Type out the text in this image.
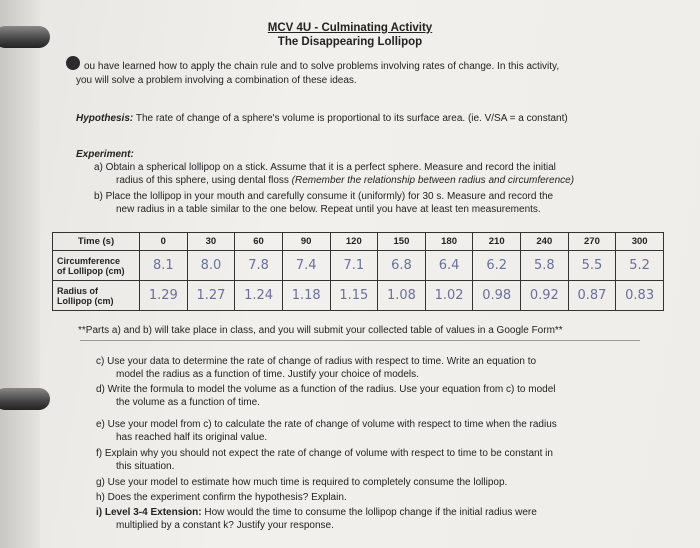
MCV 4U - Culminating Activity
The Disappearing Lollipop
ou have learned how to apply the chain rule and to solve problems involving rates of change. In this activity,
you will solve a problem involving a combination of these ideas.
Hypothesis: The rate of change of a sphere's volume is proportional to its surface area. (ie. V/SA = a constant)
Experiment:
a) Obtain a spherical lollipop on a stick. Assume that it is a perfect sphere. Measure and record the initial
radius of this sphere, using dental floss (Remember the relationship between radius and circumference)
b) Place the lollipop in your mouth and carefully consume it (uniformly) for 30 s. Measure and record the
new radius in a table similar to the one below. Repeat until you have at least ten measurements.
Time (s)	0	30	60	90	120	150	180	210	240	270	300

Circumference
of Lollipop (cm)	8.1	8.0	7.8	7.4	7.1	6.8	6.4	6.2	5.8	5.5	5.2

Radius of
Lollipop (cm)	1.29	1.27	1.24	1.18	1.15	1.08	1.02	0.98	0.92	0.87	0.83
**Parts a) and b) will take place in class, and you will submit your collected table of values in a Google Form**
c) Use your data to determine the rate of change of radius with respect to time. Write an equation to
model the radius as a function of time. Justify your choice of models.
d) Write the formula to model the volume as a function of the radius. Use your equation from c) to model
the volume as a function of time.
e) Use your model from c) to calculate the rate of change of volume with respect to time when the radius
has reached half its original value.
f) Explain why you should not expect the rate of change of volume with respect to time to be constant in
this situation.
g) Use your model to estimate how much time is required to completely consume the lollipop.
h) Does the experiment confirm the hypothesis? Explain.
i) Level 3-4 Extension: How would the time to consume the lollipop change if the initial radius were
multiplied by a constant k? Justify your response.
